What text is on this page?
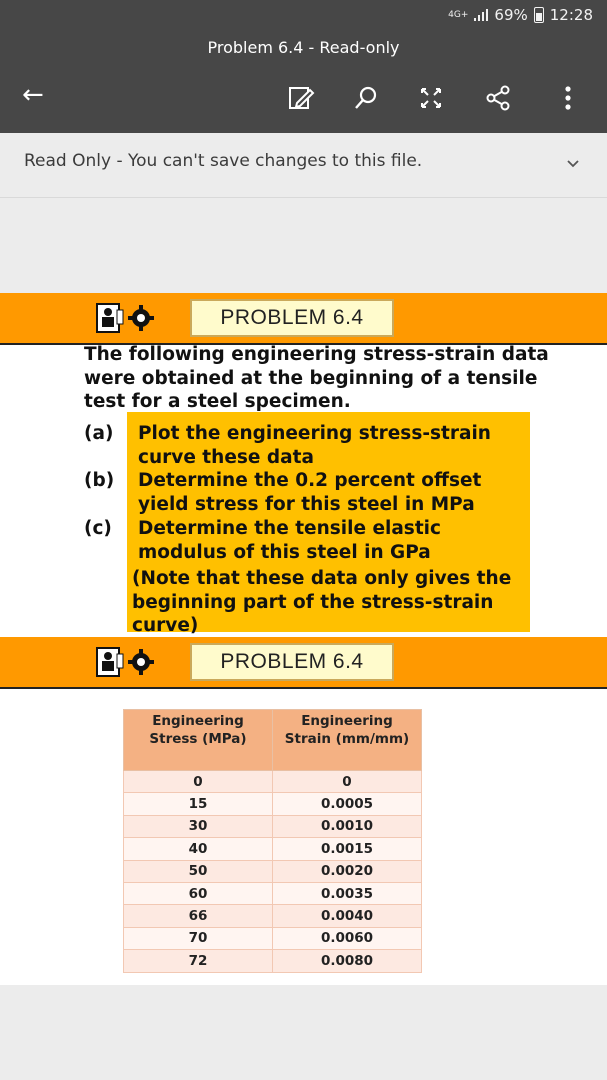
4G+ 69% 12:28
Problem 6.4 - Read-only
←
Read Only - You can't save changes to this file.
PROBLEM 6.4
The following engineering stress-strain data were obtained at the beginning of a tensile test for a steel specimen.
(a) Plot the engineering stress-strain curve these data
(b) Determine the 0.2 percent offset yield stress for this steel in MPa
(c) Determine the tensile elastic modulus of this steel in GPa
(Note that these data only gives the beginning part of the stress-strain curve)
PROBLEM 6.4
Engineering Stress (MPa)	Engineering Strain (mm/mm)
0	0
15	0.0005
30	0.0010
40	0.0015
50	0.0020
60	0.0035
66	0.0040
70	0.0060
72	0.0080
